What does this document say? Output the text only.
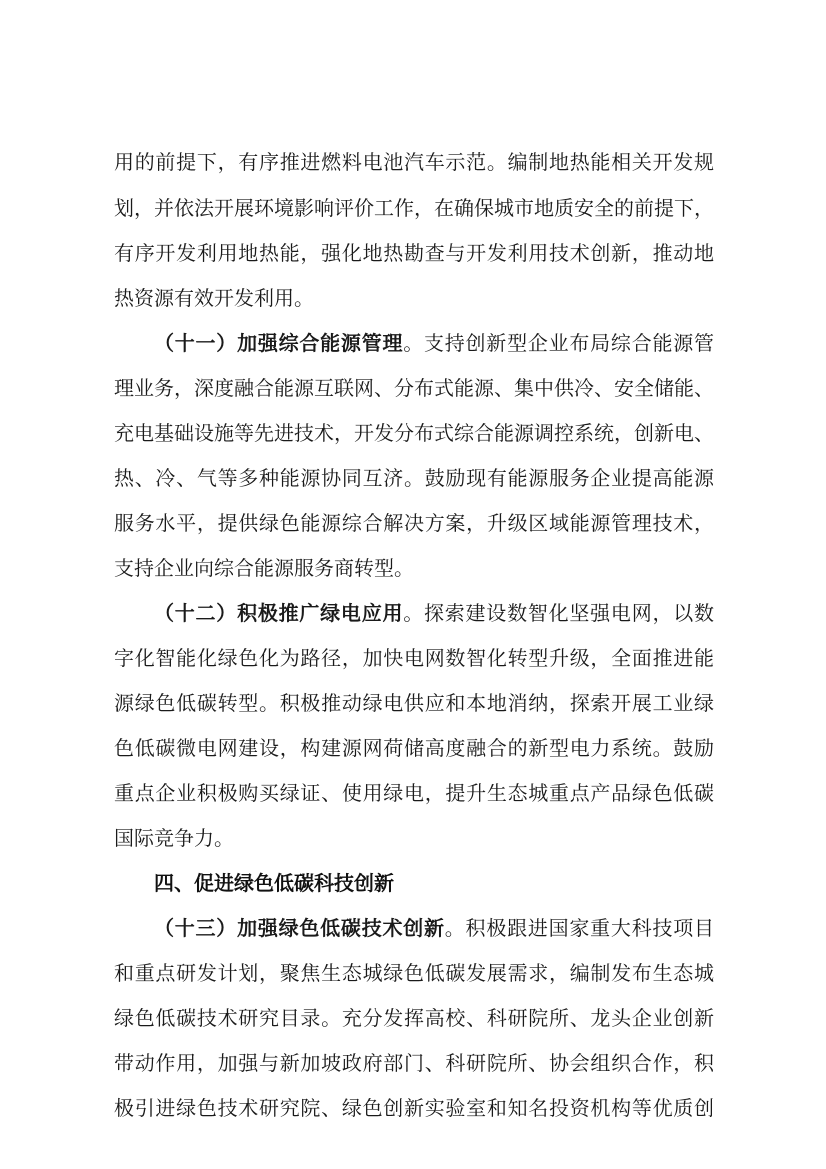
用的前提下，有序推进燃料电池汽车示范。编制地热能相关开发规
划，并依法开展环境影响评价工作，在确保城市地质安全的前提下，
有序开发利用地热能，强化地热勘查与开发利用技术创新，推动地
热资源有效开发利用。
（十一）加强综合能源管理。支持创新型企业布局综合能源管
理业务，深度融合能源互联网、分布式能源、集中供冷、安全储能、
充电基础设施等先进技术，开发分布式综合能源调控系统，创新电、
热、冷、气等多种能源协同互济。鼓励现有能源服务企业提高能源
服务水平，提供绿色能源综合解决方案，升级区域能源管理技术，
支持企业向综合能源服务商转型。
（十二）积极推广绿电应用。探索建设数智化坚强电网，以数
字化智能化绿色化为路径，加快电网数智化转型升级，全面推进能
源绿色低碳转型。积极推动绿电供应和本地消纳，探索开展工业绿
色低碳微电网建设，构建源网荷储高度融合的新型电力系统。鼓励
重点企业积极购买绿证、使用绿电，提升生态城重点产品绿色低碳
国际竞争力。
四、促进绿色低碳科技创新
（十三）加强绿色低碳技术创新。积极跟进国家重大科技项目
和重点研发计划，聚焦生态城绿色低碳发展需求，编制发布生态城
绿色低碳技术研究目录。充分发挥高校、科研院所、龙头企业创新
带动作用，加强与新加坡政府部门、科研院所、协会组织合作，积
极引进绿色技术研究院、绿色创新实验室和知名投资机构等优质创
